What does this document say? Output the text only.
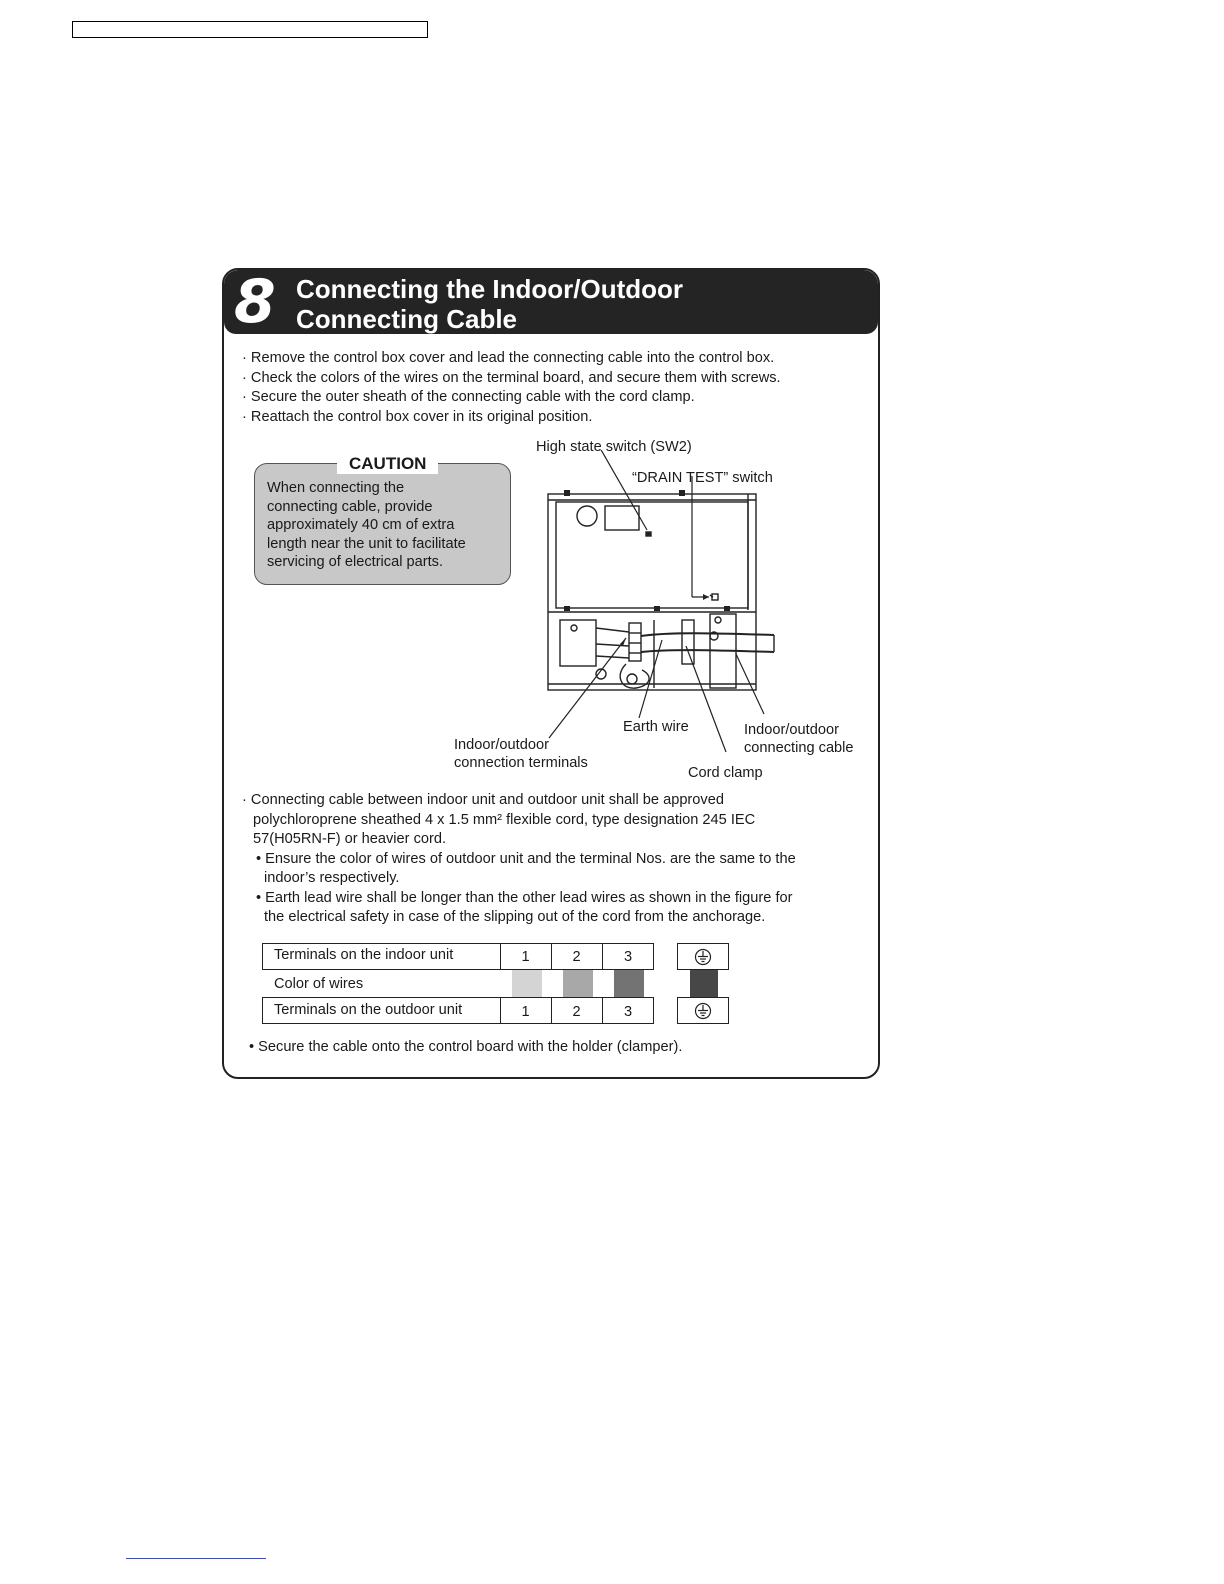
8 Connecting the Indoor/Outdoor
Connecting Cable
· Remove the control box cover and lead the connecting cable into the control box.
· Check the colors of the wires on the terminal board, and secure them with screws.
· Secure the outer sheath of the connecting cable with the cord clamp.
· Reattach the control box cover in its original position.
CAUTION
When connecting the
connecting cable, provide
approximately 40 cm of extra
length near the unit to facilitate
servicing of electrical parts.
High state switch (SW2)
“DRAIN TEST” switch
Earth wire
Indoor/outdoor
connection terminals
Indoor/outdoor
connecting cable
Cord clamp
· Connecting cable between indoor unit and outdoor unit shall be approved
polychloroprene sheathed 4 x 1.5 mm² flexible cord, type designation 245 IEC
57(H05RN-F) or heavier cord.
• Ensure the color of wires of outdoor unit and the terminal Nos. are the same to the
indoor’s respectively.
• Earth lead wire shall be longer than the other lead wires as shown in the figure for
the electrical safety in case of the slipping out of the cord from the anchorage.
Terminals on the indoor unit	1	2	3
Color of wires
Terminals on the outdoor unit	1	2	3
• Secure the cable onto the control board with the holder (clamper).
